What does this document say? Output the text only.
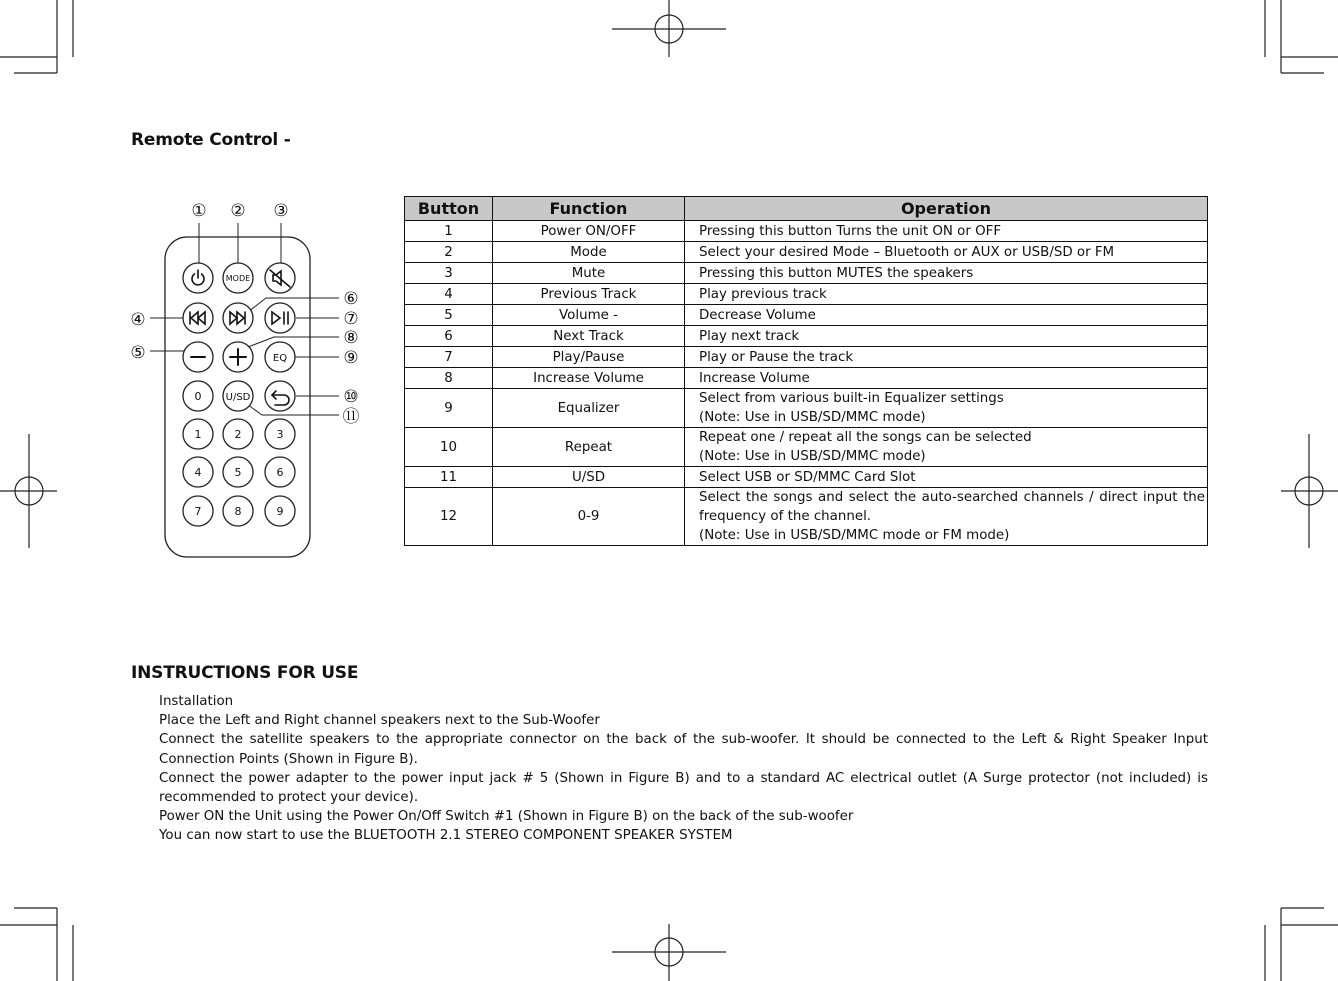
Remote Control -
① ② ③
④
⑤
⑥
⑦
⑧
⑨
⑩
⑪
MODE
EQ
U/SD
0
1	2	3
4	5	6
7	8	9
Button	Function	Operation
1	Power ON/OFF	Pressing this button Turns the unit ON or OFF

2	Mode	Select your desired Mode – Bluetooth or AUX or USB/SD or FM

3	Mute	Pressing this button MUTES the speakers

4	Previous Track	Play previous track

5	Volume -	Decrease Volume

6	Next Track	Play next track

7	Play/Pause	Play or Pause the track

8	Increase Volume	Increase Volume

9	Equalizer	Select from various built-in Equalizer settings
(Note: Use in USB/SD/MMC mode)

10	Repeat	Repeat one / repeat all the songs can be selected
(Note: Use in USB/SD/MMC mode)

11	U/SD	Select USB or SD/MMC Card Slot

12	0-9	Select the songs and select the auto-searched channels / direct input the frequency of the channel.
(Note: Use in USB/SD/MMC mode or FM mode)
INSTRUCTIONS FOR USE

Installation

Place the Left and Right channel speakers next to the Sub-Woofer

Connect the satellite speakers to the appropriate connector on the back of the sub-woofer. It should be connected to the Left & Right Speaker Input Connection Points (Shown in Figure B).

Connect the power adapter to the power input jack # 5 (Shown in Figure B) and to a standard AC electrical outlet (A Surge protector (not included) is recommended to protect your device).

Power ON the Unit using the Power On/Off Switch #1 (Shown in Figure B) on the back of the sub-woofer

You can now start to use the BLUETOOTH 2.1 STEREO COMPONENT SPEAKER SYSTEM
